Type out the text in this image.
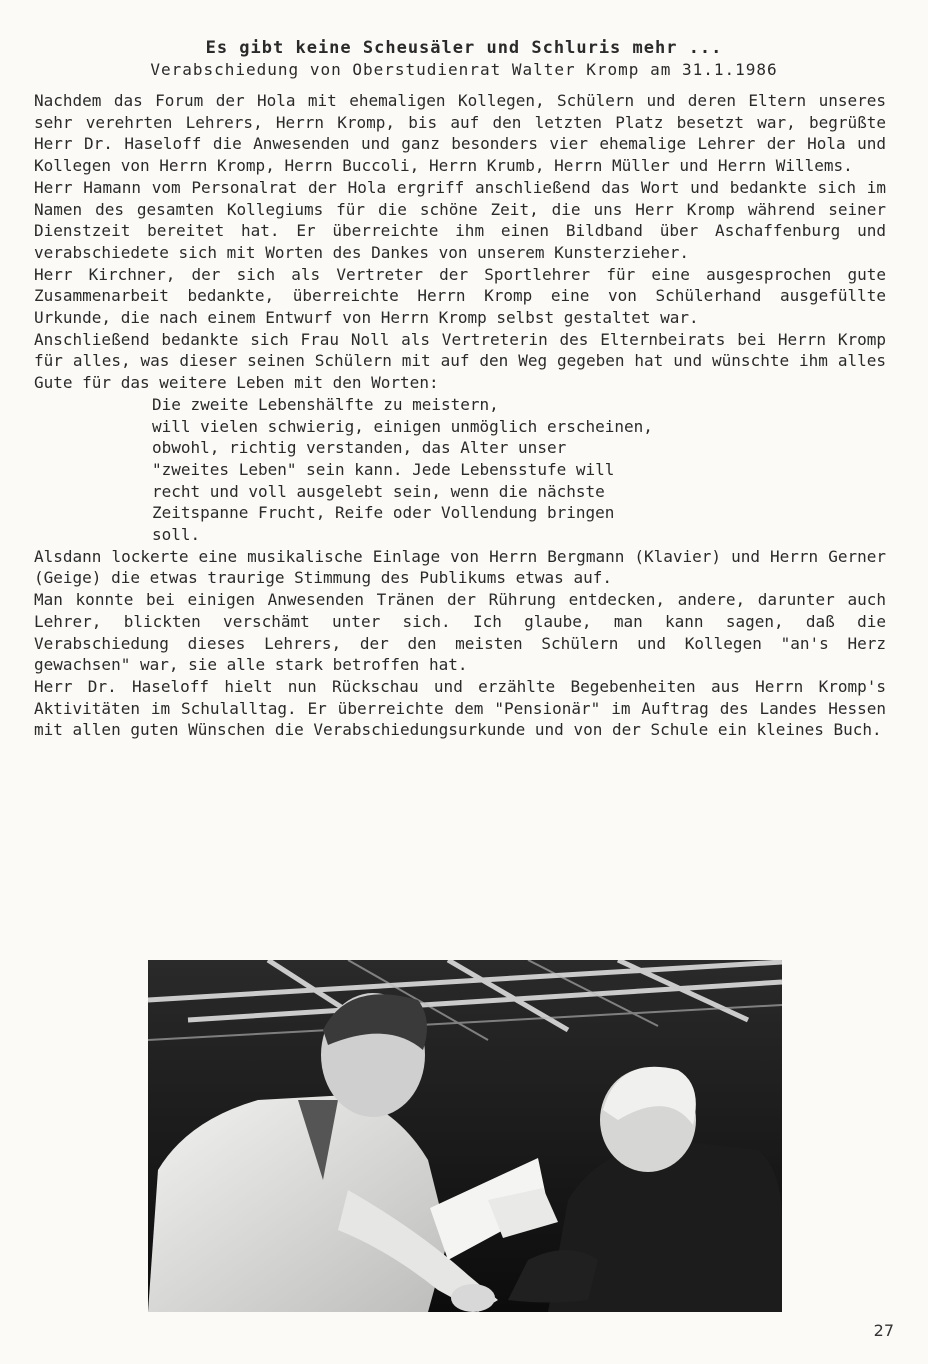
Es gibt keine Scheusäler und Schluris mehr ...
Verabschiedung von Oberstudienrat Walter Kromp am 31.1.1986

Nachdem das Forum der Hola mit ehemaligen Kollegen, Schülern und deren Eltern unseres sehr verehrten Lehrers, Herrn Kromp, bis auf den letzten Platz besetzt war, begrüßte Herr Dr. Haseloff die Anwesenden und ganz besonders vier ehemalige Lehrer der Hola und Kollegen von Herrn Kromp, Herrn Buccoli, Herrn Krumb, Herrn Müller und Herrn Willems.

Herr Hamann vom Personalrat der Hola ergriff anschließend das Wort und bedankte sich im Namen des gesamten Kollegiums für die schöne Zeit, die uns Herr Kromp während seiner Dienstzeit bereitet hat. Er überreichte ihm einen Bildband über Aschaffenburg und verabschiedete sich mit Worten des Dankes von unserem Kunsterzieher.

Herr Kirchner, der sich als Vertreter der Sportlehrer für eine ausgesprochen gute Zusammenarbeit bedankte, überreichte Herrn Kromp eine von Schülerhand ausgefüllte Urkunde, die nach einem Entwurf von Herrn Kromp selbst gestaltet war.

Anschließend bedankte sich Frau Noll als Vertreterin des Elternbeirats bei Herrn Kromp für alles, was dieser seinen Schülern mit auf den Weg gegeben hat und wünschte ihm alles Gute für das weitere Leben mit den Worten:

Die zweite Lebenshälfte zu meistern,
will vielen schwierig, einigen unmöglich erscheinen,
obwohl, richtig verstanden, das Alter unser
"zweites Leben" sein kann. Jede Lebensstufe will
recht und voll ausgelebt sein, wenn die nächste
Zeitspanne Frucht, Reife oder Vollendung bringen
soll.

Alsdann lockerte eine musikalische Einlage von Herrn Bergmann (Klavier) und Herrn Gerner (Geige) die etwas traurige Stimmung des Publikums etwas auf.

Man konnte bei einigen Anwesenden Tränen der Rührung entdecken, andere, darunter auch Lehrer, blickten verschämt unter sich. Ich glaube, man kann sagen, daß die Verabschiedung dieses Lehrers, der den meisten Schülern und Kollegen "an's Herz gewachsen" war, sie alle stark betroffen hat.

Herr Dr. Haseloff hielt nun Rückschau und erzählte Begebenheiten aus Herrn Kromp's Aktivitäten im Schulalltag. Er überreichte dem "Pensionär" im Auftrag des Landes Hessen mit allen guten Wünschen die Verabschiedungsurkunde und von der Schule ein kleines Buch.

27
